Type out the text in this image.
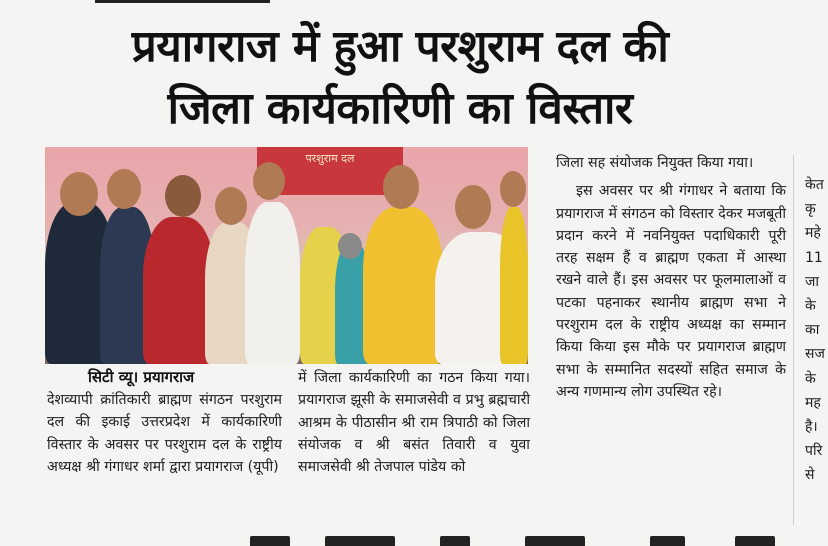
प्रयागराज में हुआ परशुराम दल की
जिला कार्यकारिणी का विस्तार
परशुराम दल
सिटी व्यू। प्रयागराज

देशव्यापी क्रांतिकारी ब्राह्मण संगठन परशुराम दल की इकाई उत्तरप्रदेश में कार्यकारिणी विस्तार के अवसर पर परशुराम दल के राष्ट्रीय अध्यक्ष श्री गंगाधर शर्मा द्वारा प्रयागराज (यूपी)

में जिला कार्यकारिणी का गठन किया गया। प्रयागराज झूसी के समाजसेवी व प्रभु ब्रह्मचारी आश्रम के पीठासीन श्री राम त्रिपाठी को जिला संयोजक व श्री बसंत तिवारी व युवा समाजसेवी श्री तेजपाल पांडेय को

जिला सह संयोजक नियुक्त किया गया।

इस अवसर पर श्री गंगाधर ने बताया कि प्रयागराज में संगठन को विस्तार देकर मजबूती प्रदान करने में नवनियुक्त पदाधिकारी पूरी तरह सक्षम हैं व ब्राह्मण एकता में आस्था रखने वाले हैं। इस अवसर पर फूलमालाओं व पटका पहनाकर स्थानीय ब्राह्मण सभा ने परशुराम दल के राष्ट्रीय अध्यक्ष का सम्मान किया किया इस मौके पर प्रयागराज ब्राह्मण सभा के सम्मानित सदस्यों सहित समाज के अन्य गणमान्य लोग उपस्थित रहे।

केत
कृ
महे
11
जा
के
का
सज
के
मह
है।
परि
से
